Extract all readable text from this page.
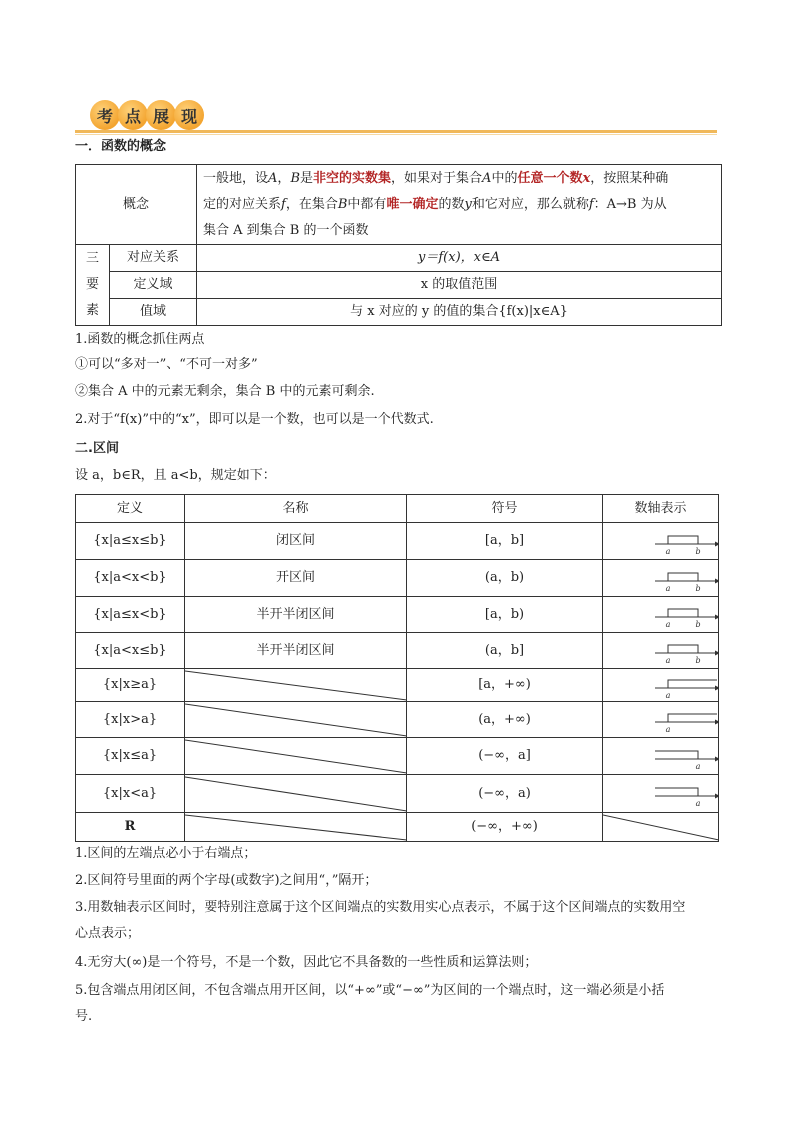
考 点 展 现
一．函数的概念
概念		一般地，设A，B是非空的实数集，如果对于集合A中的任意一个数x，按照某种确
定的对应关系f，在集合B中都有唯一确定的数y和它对应，那么就称f：A→B 为从
集合 A 到集合 B 的一个函数
三
要
素	对应关系	y＝f(x)，x∈A
	定义域	x 的取值范围
	值域	与 x 对应的 y 的值的集合{f(x)|x∈A}
1.函数的概念抓住两点
①可以“多对一”、“不可一对多”
②集合 A 中的元素无剩余，集合 B 中的元素可剩余.
2.对于“f(x)”中的“x”，即可以是一个数，也可以是一个代数式.
二.区间
设 a，b∈R，且 a<b，规定如下：
定义	名称	符号	数轴表示
{x|a≤x≤b}	闭区间	[a，b]	a b

{x|a<x<b}	开区间	(a，b)	a b

{x|a≤x<b}	半开半闭区间	[a，b)	a b

{x|a<x≤b}	半开半闭区间	(a，b]	a b

{x|x≥a}		[a，+∞)	a

{x|x>a}		(a，+∞)	a

{x|x≤a}		(−∞，a]	a

{x|x<a}		(−∞，a)	a

R		(−∞，+∞)	
1.区间的左端点必小于右端点；
2.区间符号里面的两个字母(或数字)之间用“，”隔开；
3.用数轴表示区间时，要特别注意属于这个区间端点的实数用实心点表示，不属于这个区间端点的实数用空
心点表示；
4.无穷大(∞)是一个符号，不是一个数，因此它不具备数的一些性质和运算法则；
5.包含端点用闭区间，不包含端点用开区间，以“+∞”或“−∞”为区间的一个端点时，这一端必须是小括
号.
